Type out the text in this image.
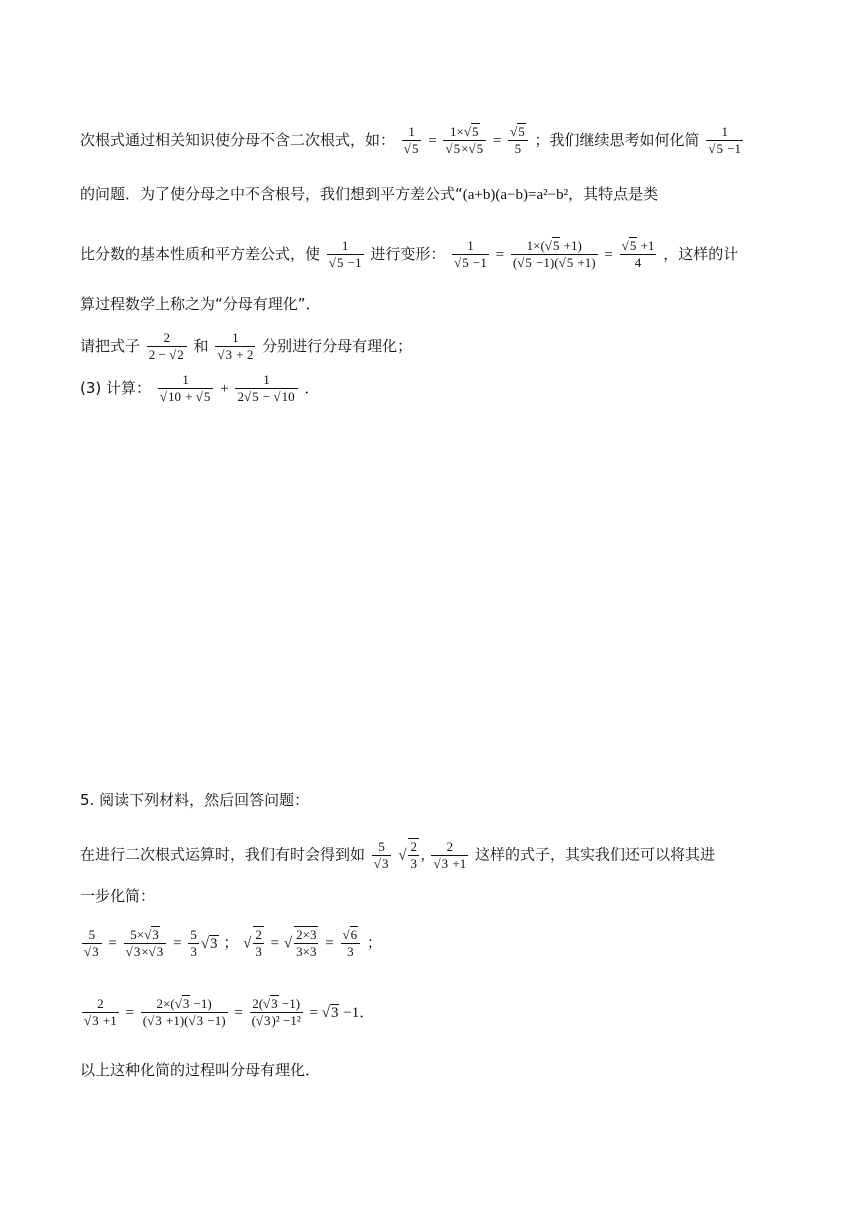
次根式通过相关知识使分母不含二次根式，如： $\frac{1}{√5} = \frac{1\times√5}{√5\times√5} = \frac{√5}{5}$ ；我们继续思考如何化简 $\frac{1}{√5 -1}$
的问题．为了使分母之中不含根号，我们想到平方差公式“(a+b)(a−b)=a²−b²，其特点是类
比分数的基本性质和平方差公式，使 $\frac{1}{√5 -1}$ 进行变形： $\frac{1}{√5 -1} = \frac{1\times(√5 +1)}{(√5 -1)(√5 +1)} = \frac{√5 +1}{4}$ ，这样的计
算过程数学上称之为“分母有理化”．
请把式子 $\frac{2}{2 - √2}$ 和 $\frac{1}{√3 + 2}$ 分别进行分母有理化；
(3) 计算： $\frac{1}{√10 + √5} + \frac{1}{2√5 - √10}$ ．
5. 阅读下列材料，然后回答问题：
在进行二次根式运算时，我们有时会得到如 $\frac{5}{√3}$ √ $\frac{2}{3}$ , $\frac{2}{√3 +1}$ 这样的式子，其实我们还可以将其进
一步化简：
$\frac{5}{√3} = \frac{5\times√3}{√3\times√3} = \frac{5}{3} √3$ ； √ $\frac{2}{3}$ = √ $\frac{2\times 3}{3\times 3} = \frac{√6}{3}$ ；
$\frac{2}{√3 +1} = \frac{2\times(√3 -1)}{(√3 +1)(√3 -1)} = \frac{2(√3 -1)}{\text{(√3)² −1²}} = √3 -1$．
以上这种化简的过程叫分母有理化．
